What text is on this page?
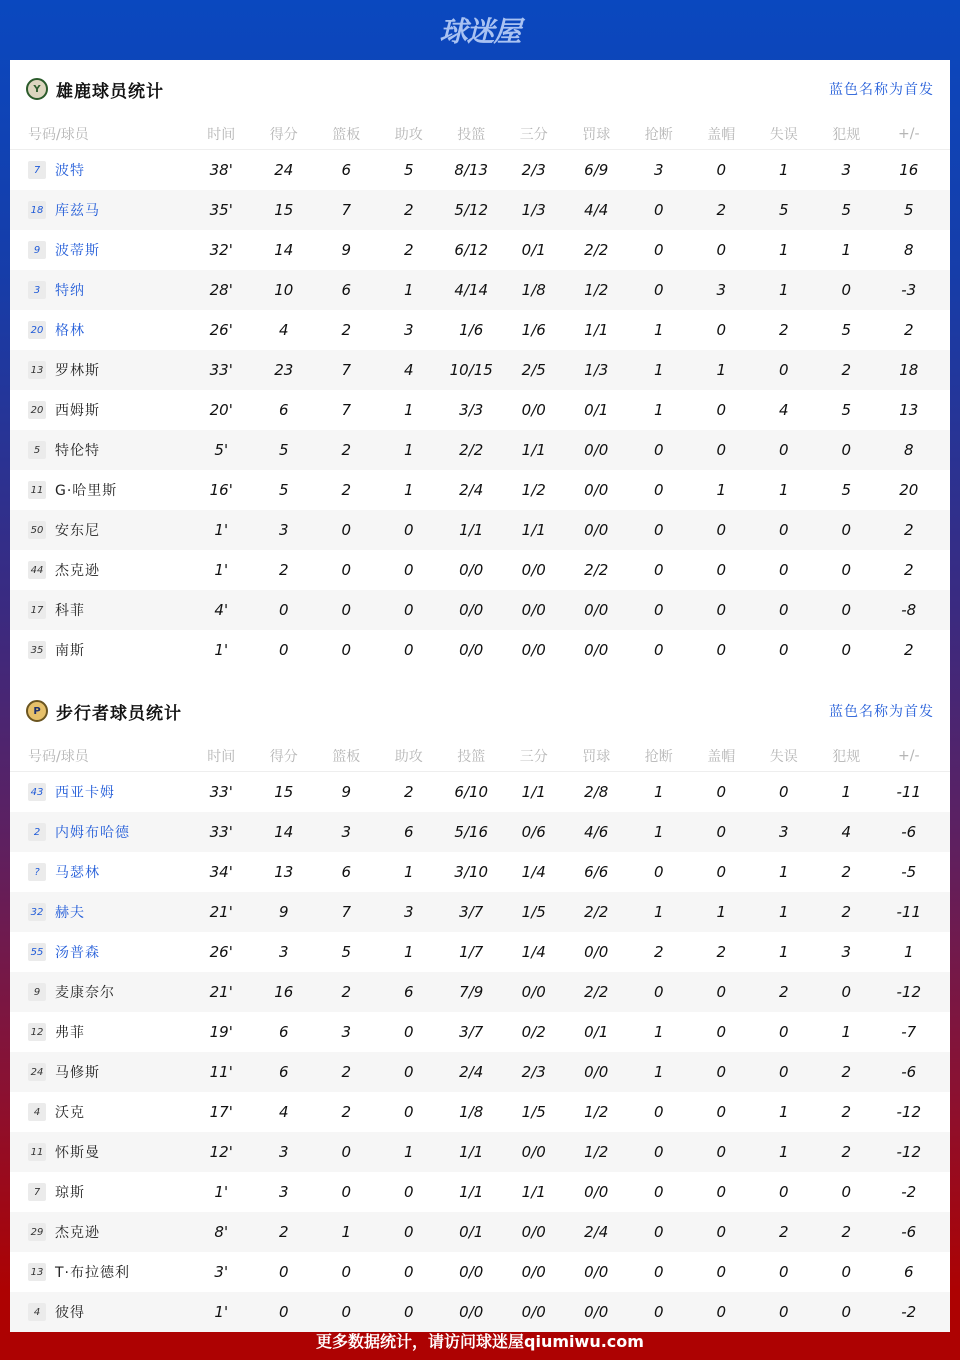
球迷屋
Y 雄鹿球员统计	蓝色名称为首发
号码/球员	时间	得分	篮板	助攻	投篮	三分	罚球	抢断	盖帽	失误	犯规	+/-
7	波特	38'	24	6	5	8/13	2/3	6/9	3	0	1	3	16
18 库兹马	35'	15	7	2	5/12	1/3	4/4	0	2	5	5	5
9	波蒂斯	32'	14	9	2	6/12	0/1	2/2	0	0	1	1	8
3	特纳	28'	10	6	1	4/14	1/8	1/2	0	3	1	0	-3
20 格林	26'	4	2	3	1/6	1/6	1/1	1	0	2	5	2
13 罗林斯	33'	23	7	4	10/15	2/5	1/3	1	1	0	2	18
20 西姆斯	20'	6	7	1	3/3	0/0	0/1	1	0	4	5	13
5	特伦特	5'	5	2	1	2/2	1/1	0/0	0	0	0	0	8
11 G·哈里斯	16'	5	2	1	2/4	1/2	0/0	0	1	1	5	20
50 安东尼	1'	3	0	0	1/1	1/1	0/0	0	0	0	0	2
44 杰克逊	1'	2	0	0	0/0	0/0	2/2	0	0	0	0	2
17 科菲	4'	0	0	0	0/0	0/0	0/0	0	0	0	0	-8
35 南斯	1'	0	0	0	0/0	0/0	0/0	0	0	0	0	2
P 步行者球员统计	蓝色名称为首发
号码/球员	时间	得分	篮板	助攻	投篮	三分	罚球	抢断	盖帽	失误	犯规	+/-
43 西亚卡姆	33'	15	9	2	6/10	1/1	2/8	1	0	0	1	-11
2	内姆布哈德	33'	14	3	6	5/16	0/6	4/6	1	0	3	4	-6
?	马瑟林	34'	13	6	1	3/10	1/4	6/6	0	0	1	2	-5
32 赫夫	21'	9	7	3	3/7	1/5	2/2	1	1	1	2	-11
55 汤普森	26'	3	5	1	1/7	1/4	0/0	2	2	1	3	1
9	麦康奈尔	21'	16	2	6	7/9	0/0	2/2	0	0	2	0	-12
12 弗菲	19'	6	3	0	3/7	0/2	0/1	1	0	0	1	-7
24 马修斯	11'	6	2	0	2/4	2/3	0/0	1	0	0	2	-6
4	沃克	17'	4	2	0	1/8	1/5	1/2	0	0	1	2	-12
11 怀斯曼	12'	3	0	1	1/1	0/0	1/2	0	0	1	2	-12
7	琼斯	1'	3	0	0	1/1	1/1	0/0	0	0	0	0	-2
29 杰克逊	8'	2	1	0	0/1	0/0	2/4	0	0	2	2	-6
13 T·布拉德利	3'	0	0	0	0/0	0/0	0/0	0	0	0	0	6
4	彼得	1'	0	0	0	0/0	0/0	0/0	0	0	0	0	-2
更多数据统计，请访问球迷屋qiumiwu.com
